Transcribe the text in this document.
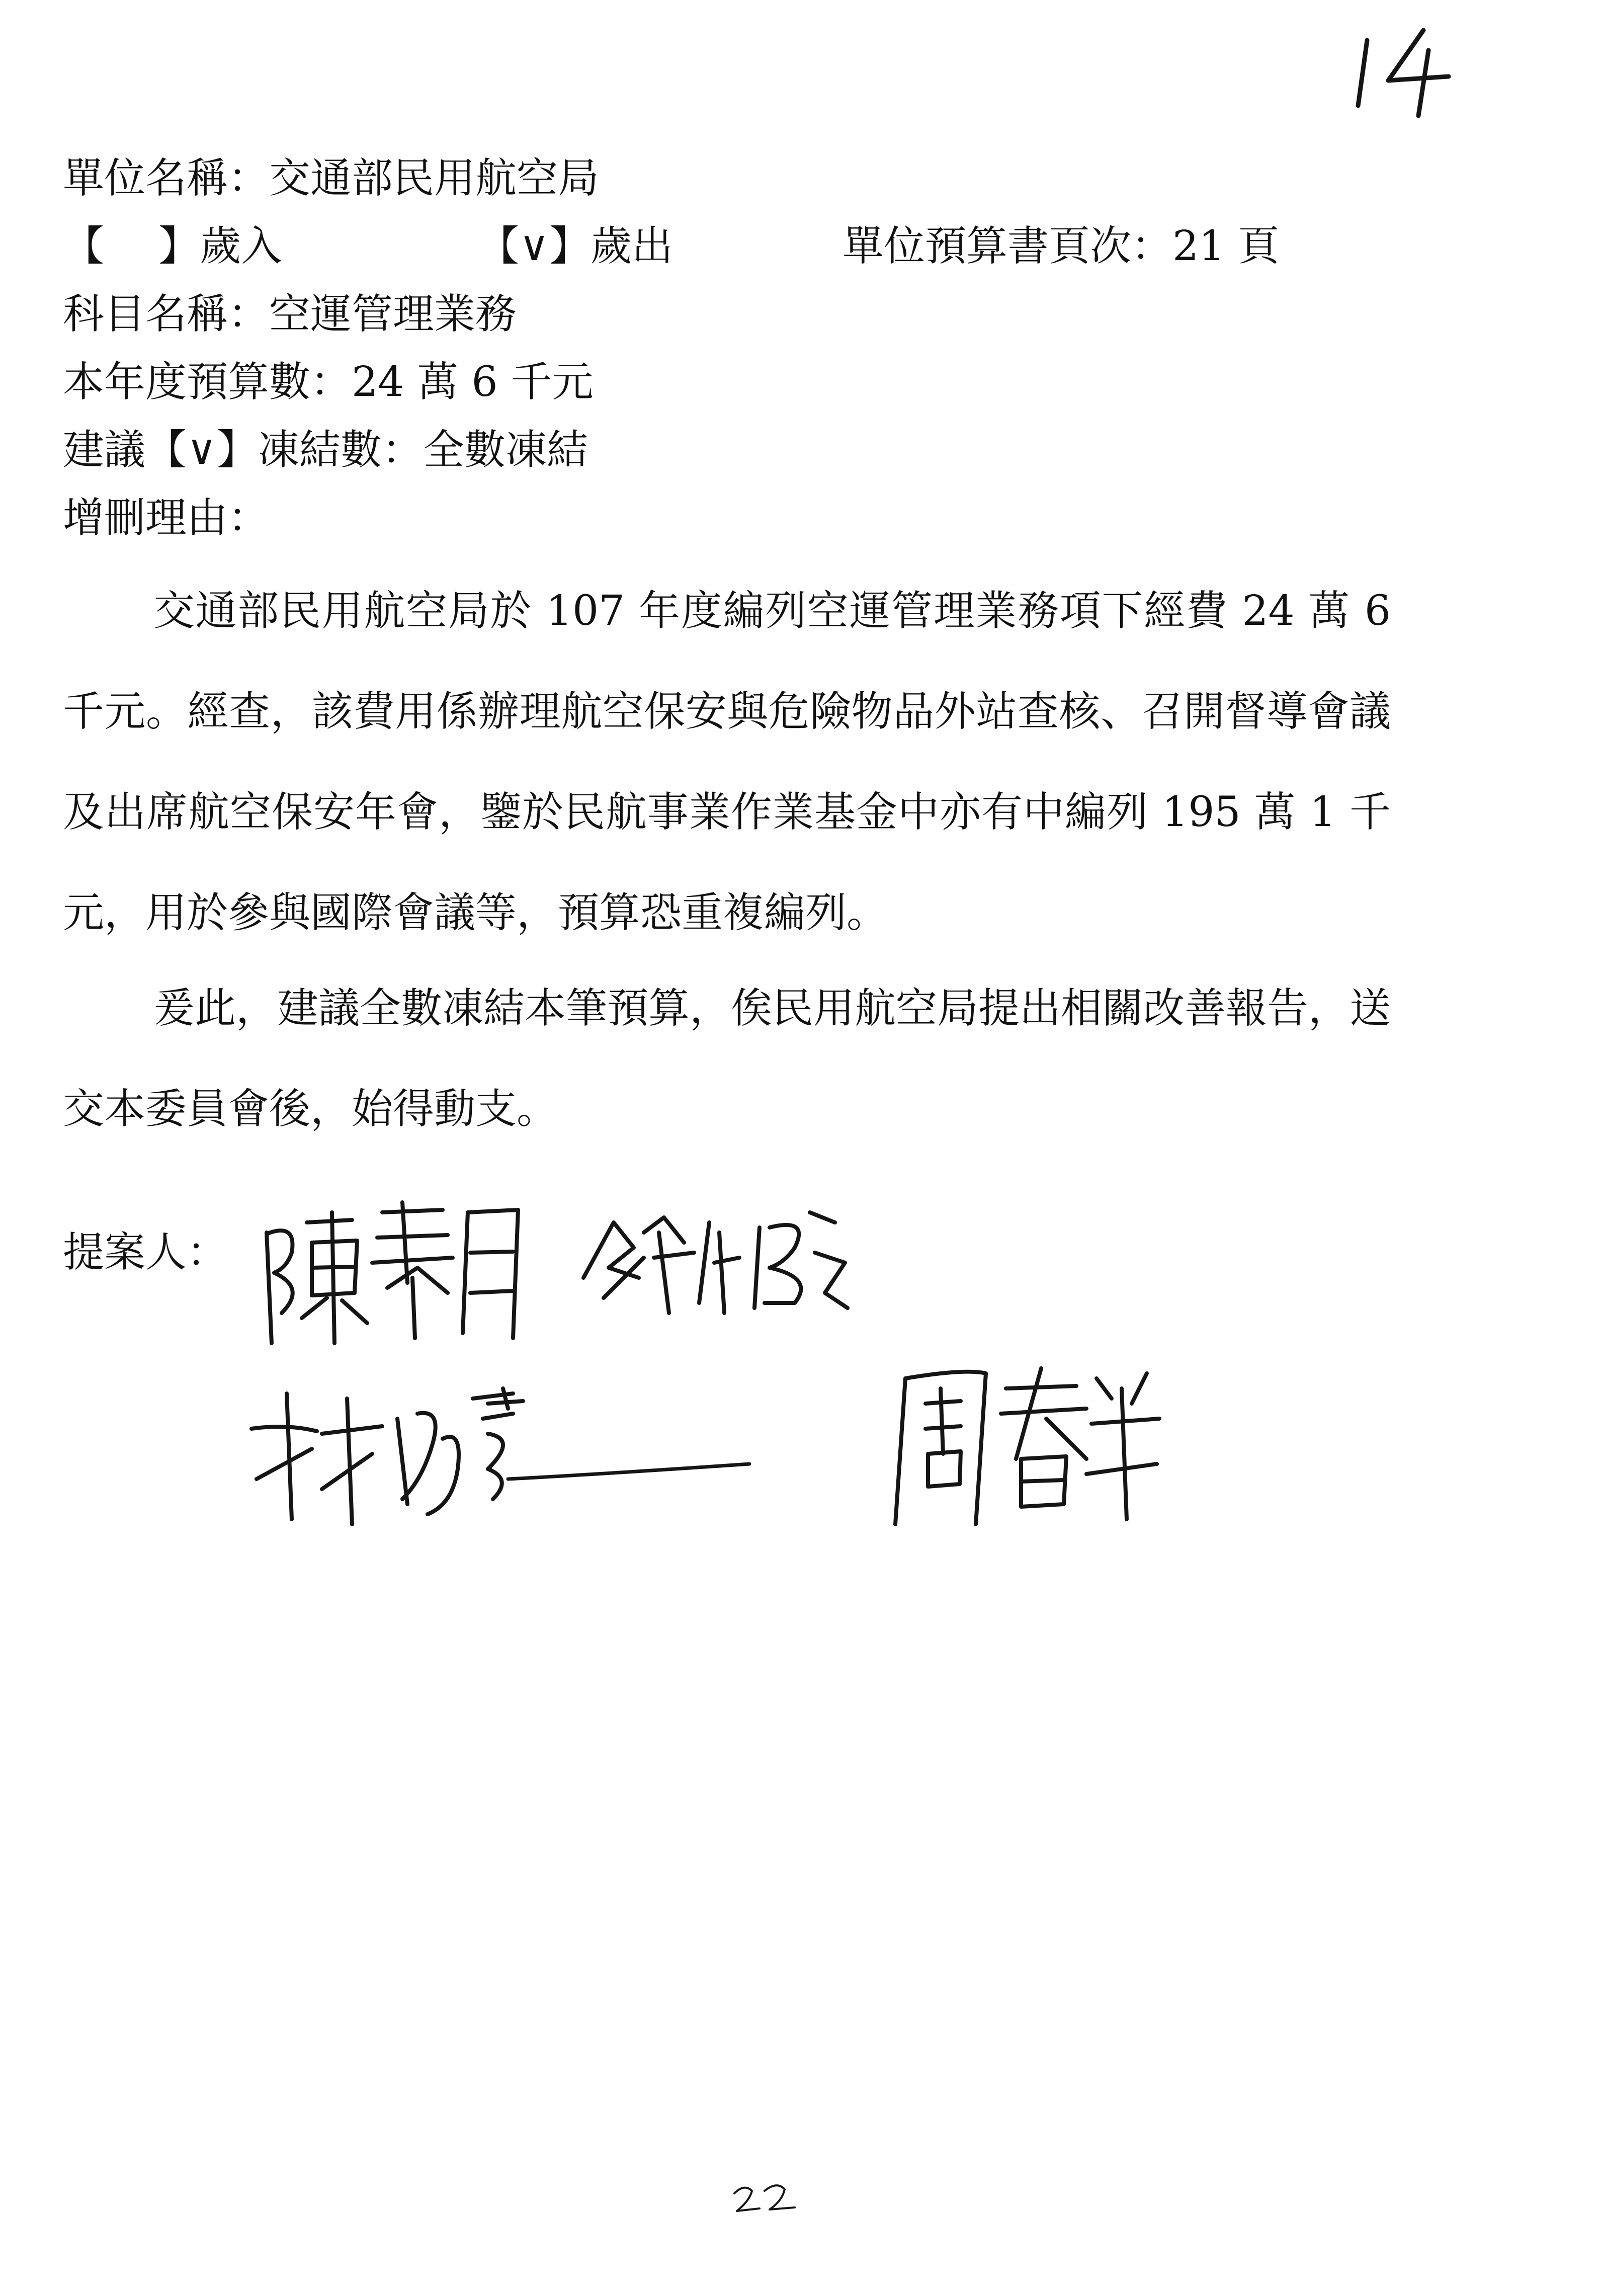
單位名稱：交通部民用航空局
【　 】歲入	【∨】歲出	單位預算書頁次：21 頁
科目名稱：空運管理業務
本年度預算數：24 萬 6 千元
建議【∨】凍結數：全數凍結
增刪理由：
交通部民用航空局於 107 年度編列空運管理業務項下經費 24 萬 6 千元。經查，該費用係辦理航空保安與危險物品外站查核、召開督導會議及出席航空保安年會，鑒於民航事業作業基金中亦有中編列 195 萬 1 千元，用於參與國際會議等，預算恐重複編列。
爰此，建議全數凍結本筆預算，俟民用航空局提出相關改善報告，送交本委員會後，始得動支。
提案人：
